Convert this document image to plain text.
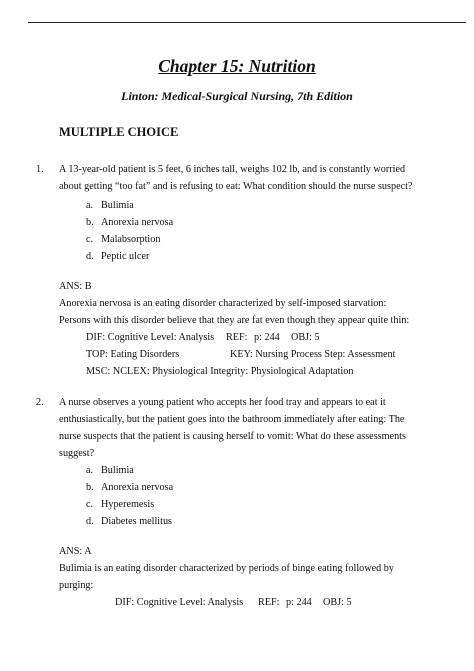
Chapter 15: Nutrition
Linton: Medical-Surgical Nursing, 7th Edition
MULTIPLE CHOICE
1. A 13-year-old patient is 5 feet, 6 inches tall, weighs 102 lb, and is constantly worried
about getting “too fat” and is refusing to eat: What condition should the nurse suspect?
a. Bulimia
b. Anorexia nervosa
c. Malabsorption
d. Peptic ulcer
ANS: B
Anorexia nervosa is an eating disorder characterized by self-imposed starvation:
Persons with this disorder believe that they are fat even though they appear quite thin:
DIF: Cognitive Level: Analysis REF: p: 244 OBJ: 5
TOP: Eating Disorders	KEY: Nursing Process Step: Assessment
MSC: NCLEX: Physiological Integrity: Physiological Adaptation
2. A nurse observes a young patient who accepts her food tray and appears to eat it
enthusiastically, but the patient goes into the bathroom immediately after eating: The
nurse suspects that the patient is causing herself to vomit: What do these assessments
suggest?
a. Bulimia
b. Anorexia nervosa
c. Hyperemesis
d. Diabetes mellitus
ANS: A
Bulimia is an eating disorder characterized by periods of binge eating followed by
purging:
DIF: Cognitive Level: Analysis REF: p: 244 OBJ: 5
